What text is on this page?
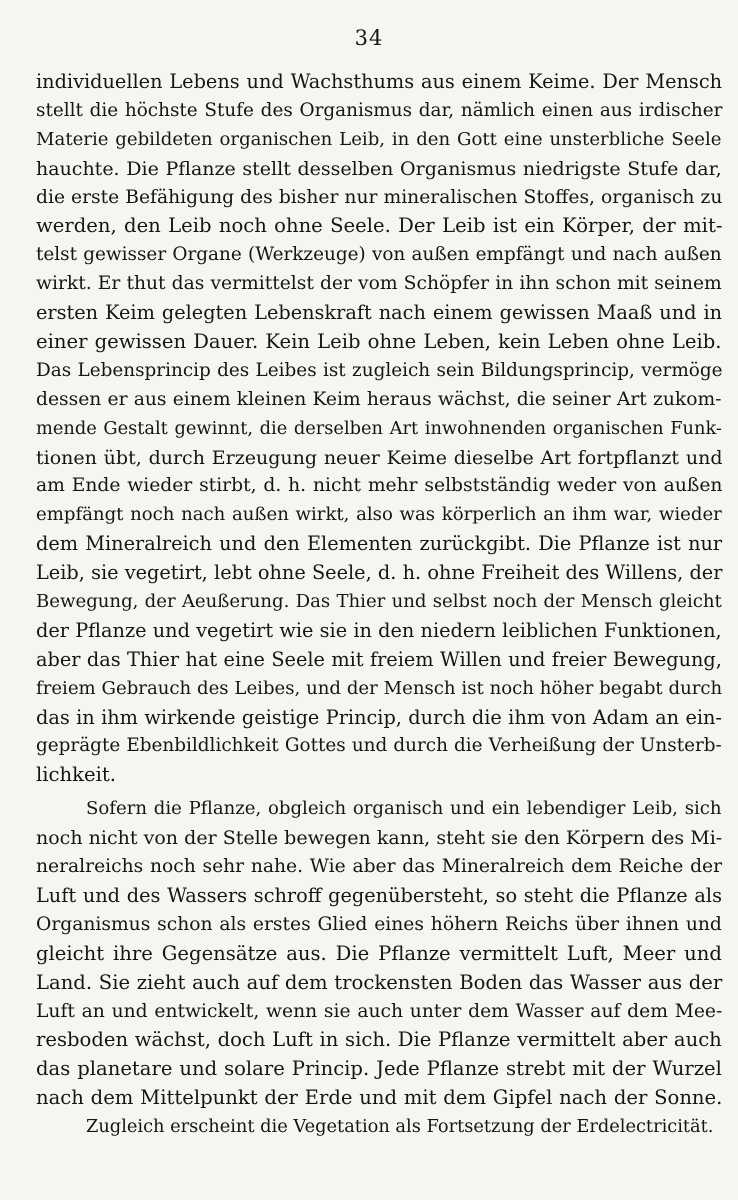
34
individuellen Lebens und Wachsthums aus einem Keime. Der Mensch
stellt die höchste Stufe des Organismus dar, nämlich einen aus irdischer
Materie gebildeten organischen Leib, in den Gott eine unsterbliche Seele
hauchte. Die Pflanze stellt desselben Organismus niedrigste Stufe dar,
die erste Befähigung des bisher nur mineralischen Stoffes, organisch zu
werden, den Leib noch ohne Seele. Der Leib ist ein Körper, der mit-
telst gewisser Organe (Werkzeuge) von außen empfängt und nach außen
wirkt. Er thut das vermittelst der vom Schöpfer in ihn schon mit seinem
ersten Keim gelegten Lebenskraft nach einem gewissen Maaß und in
einer gewissen Dauer. Kein Leib ohne Leben, kein Leben ohne Leib.
Das Lebensprincip des Leibes ist zugleich sein Bildungsprincip, vermöge
dessen er aus einem kleinen Keim heraus wächst, die seiner Art zukom-
mende Gestalt gewinnt, die derselben Art inwohnenden organischen Funk-
tionen übt, durch Erzeugung neuer Keime dieselbe Art fortpflanzt und
am Ende wieder stirbt, d. h. nicht mehr selbstständig weder von außen
empfängt noch nach außen wirkt, also was körperlich an ihm war, wieder
dem Mineralreich und den Elementen zurückgibt. Die Pflanze ist nur
Leib, sie vegetirt, lebt ohne Seele, d. h. ohne Freiheit des Willens, der
Bewegung, der Aeußerung. Das Thier und selbst noch der Mensch gleicht
der Pflanze und vegetirt wie sie in den niedern leiblichen Funktionen,
aber das Thier hat eine Seele mit freiem Willen und freier Bewegung,
freiem Gebrauch des Leibes, und der Mensch ist noch höher begabt durch
das in ihm wirkende geistige Princip, durch die ihm von Adam an ein-
geprägte Ebenbildlichkeit Gottes und durch die Verheißung der Unsterb-
lichkeit.
Sofern die Pflanze, obgleich organisch und ein lebendiger Leib, sich
noch nicht von der Stelle bewegen kann, steht sie den Körpern des Mi-
neralreichs noch sehr nahe. Wie aber das Mineralreich dem Reiche der
Luft und des Wassers schroff gegenübersteht, so steht die Pflanze als
Organismus schon als erstes Glied eines höhern Reichs über ihnen und
gleicht ihre Gegensätze aus. Die Pflanze vermittelt Luft, Meer und
Land. Sie zieht auch auf dem trockensten Boden das Wasser aus der
Luft an und entwickelt, wenn sie auch unter dem Wasser auf dem Mee-
resboden wächst, doch Luft in sich. Die Pflanze vermittelt aber auch
das planetare und solare Princip. Jede Pflanze strebt mit der Wurzel
nach dem Mittelpunkt der Erde und mit dem Gipfel nach der Sonne.
Zugleich erscheint die Vegetation als Fortsetzung der Erdelectricität.
